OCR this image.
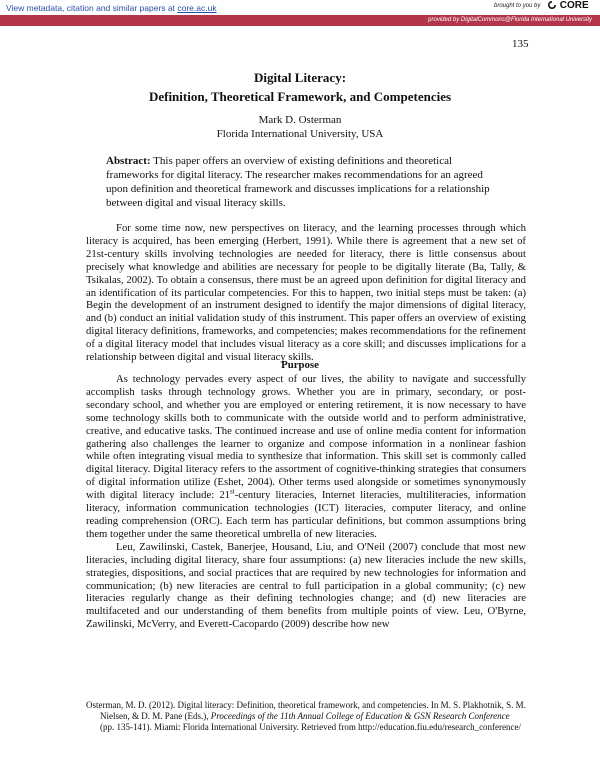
View metadata, citation and similar papers at core.ac.uk	brought to you by	CORE
provided by DigitalCommons@Florida International University
135
Digital Literacy:
Definition, Theoretical Framework, and Competencies
Mark D. Osterman
Florida International University, USA
Abstract: This paper offers an overview of existing definitions and theoretical frameworks for digital literacy. The researcher makes recommendations for an agreed upon definition and theoretical framework and discusses implications for a relationship between digital and visual literacy skills.

For some time now, new perspectives on literacy, and the learning processes through which literacy is acquired, has been emerging (Herbert, 1991). While there is agreement that a new set of 21st-century skills involving technologies are needed for literacy, there is little consensus about precisely what knowledge and abilities are necessary for people to be digitally literate (Ba, Tally, & Tsikalas, 2002). To obtain a consensus, there must be an agreed upon definition for digital literacy and an identification of its particular competencies. For this to happen, two initial steps must be taken: (a) Begin the development of an instrument designed to identify the major dimensions of digital literacy, and (b) conduct an initial validation study of this instrument. This paper offers an overview of existing digital literacy definitions, frameworks, and competencies; makes recommendations for the refinement of a digital literacy model that includes visual literacy as a core skill; and discusses implications for a relationship between digital and visual literacy skills.

Purpose

As technology pervades every aspect of our lives, the ability to navigate and successfully accomplish tasks through technology grows. Whether you are in primary, secondary, or post-secondary school, and whether you are employed or entering retirement, it is now necessary to have some technology skills both to communicate with the outside world and to perform administrative, creative, and educative tasks. The continued increase and use of online media content for information gathering also challenges the learner to organize and compose information in a nonlinear fashion while often integrating visual media to synthesize that information. This skill set is commonly called digital literacy. Digital literacy refers to the assortment of cognitive-thinking strategies that consumers of digital information utilize (Eshet, 2004). Other terms used alongside or sometimes synonymously with digital literacy include: 21st-century literacies, Internet literacies, multiliteracies, information literacy, information communication technologies (ICT) literacies, computer literacy, and online reading comprehension (ORC). Each term has particular definitions, but common assumptions bring them together under the same theoretical umbrella of new literacies.

Leu, Zawilinski, Castek, Banerjee, Housand, Liu, and O'Neil (2007) conclude that most new literacies, including digital literacy, share four assumptions: (a) new literacies include the new skills, strategies, dispositions, and social practices that are required by new technologies for information and communication; (b) new literacies are central to full participation in a global community; (c) new literacies regularly change as their defining technologies change; and (d) new literacies are multifaceted and our understanding of them benefits from multiple points of view. Leu, O'Byrne, Zawilinski, McVerry, and Everett-Cacopardo (2009) describe how new

Osterman, M. D. (2012). Digital literacy: Definition, theoretical framework, and competencies. In M. S. Plakhotnik, S. M. Nielsen, & D. M. Pane (Eds.), Proceedings of the 11th Annual College of Education & GSN Research Conference (pp. 135-141). Miami: Florida International University. Retrieved from http://education.fiu.edu/research_conference/
